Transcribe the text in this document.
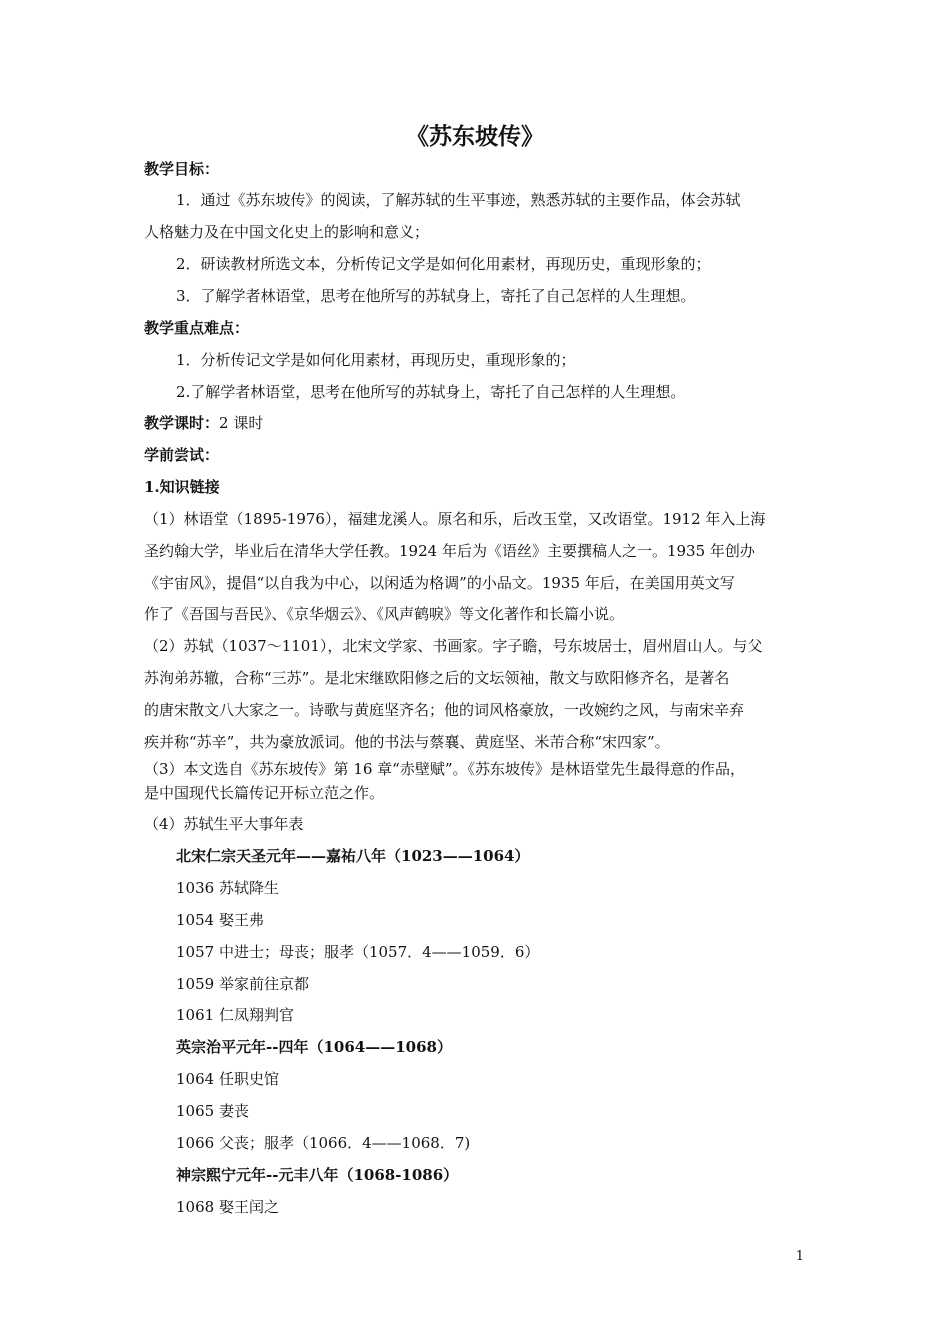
《苏东坡传》
教学目标：
1．通过《苏东坡传》的阅读，了解苏轼的生平事迹，熟悉苏轼的主要作品，体会苏轼
人格魅力及在中国文化史上的影响和意义；
2．研读教材所选文本，分析传记文学是如何化用素材，再现历史，重现形象的；
3．了解学者林语堂，思考在他所写的苏轼身上，寄托了自己怎样的人生理想。
教学重点难点：
1．分析传记文学是如何化用素材，再现历史，重现形象的；
2.了解学者林语堂，思考在他所写的苏轼身上，寄托了自己怎样的人生理想。
教学课时：2 课时
学前尝试：
1.知识链接
（1）林语堂（1895-1976），福建龙溪人。原名和乐，后改玉堂，又改语堂。1912 年入上海
圣约翰大学，毕业后在清华大学任教。1924 年后为《语丝》主要撰稿人之一。1935 年创办
《宇宙风》，提倡“以自我为中心，以闲适为格调”的小品文。1935 年后，在美国用英文写
作了《吾国与吾民》、《京华烟云》、《风声鹤唳》等文化著作和长篇小说。
（2）苏轼（1037～1101），北宋文学家、书画家。字子瞻，号东坡居士，眉州眉山人。与父
苏洵弟苏辙，合称“三苏”。是北宋继欧阳修之后的文坛领袖，散文与欧阳修齐名，是著名
的唐宋散文八大家之一。诗歌与黄庭坚齐名；他的词风格豪放，一改婉约之风，与南宋辛弃
疾并称“苏辛”，共为豪放派词。他的书法与蔡襄、黄庭坚、米芾合称“宋四家”。
（3）本文选自《苏东坡传》第 16 章“赤壁赋”。《苏东坡传》是林语堂先生最得意的作品，
是中国现代长篇传记开标立范之作。
（4）苏轼生平大事年表
北宋仁宗天圣元年——嘉祐八年（1023——1064）
1036 苏轼降生
1054 娶王弗
1057 中进士；母丧；服孝（1057．4——1059．6）
1059 举家前往京都
1061 仁凤翔判官
英宗治平元年--四年（1064——1068）
1064 任职史馆
1065 妻丧
1066 父丧；服孝（1066．4——1068．7)
神宗熙宁元年--元丰八年（1068-1086）
1068 娶王闰之
1
